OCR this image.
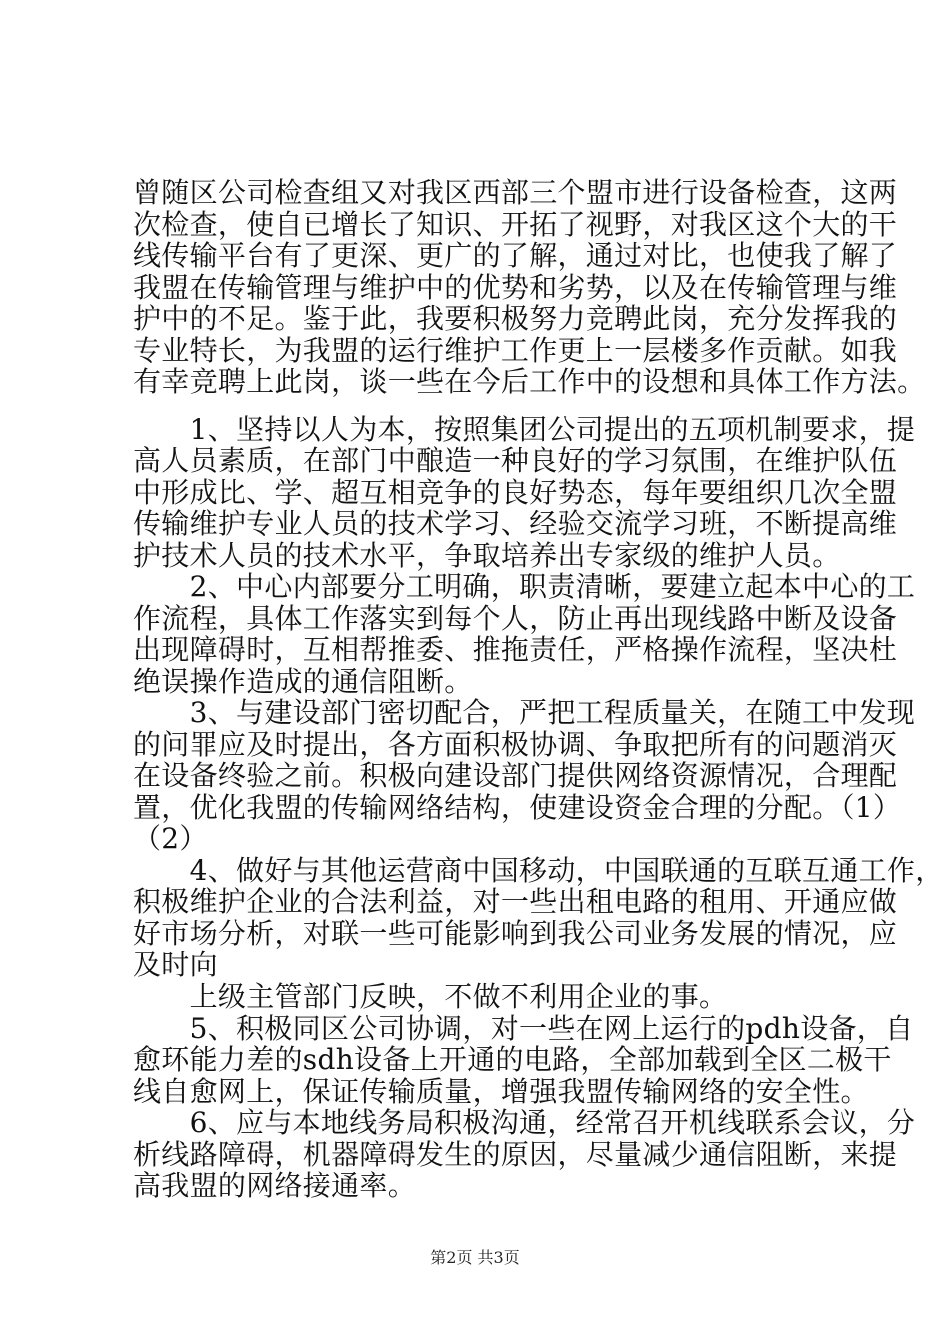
曾随区公司检查组又对我区西部三个盟市进行设备检查，这两
次检查，使自已增长了知识、开拓了视野，对我区这个大的干
线传输平台有了更深、更广的了解，通过对比，也使我了解了
我盟在传输管理与维护中的优势和劣势，以及在传输管理与维
护中的不足。鉴于此，我要积极努力竞聘此岗，充分发挥我的
专业特长，为我盟的运行维护工作更上一层楼多作贡献。如我
有幸竞聘上此岗，谈一些在今后工作中的设想和具体工作方法。
　　1、坚持以人为本，按照集团公司提出的五项机制要求，提
高人员素质，在部门中酿造一种良好的学习氛围，在维护队伍
中形成比、学、超互相竞争的良好势态，每年要组织几次全盟
传输维护专业人员的技术学习、经验交流学习班，不断提高维
护技术人员的技术水平，争取培养出专家级的维护人员。
　　2、中心内部要分工明确，职责清晰，要建立起本中心的工
作流程，具体工作落实到每个人，防止再出现线路中断及设备
出现障碍时，互相帮推委、推拖责任，严格操作流程，坚决杜
绝误操作造成的通信阻断。
　　3、与建设部门密切配合，严把工程质量关，在随工中发现
的问罪应及时提出，各方面积极协调、争取把所有的问题消灭
在设备终验之前。积极向建设部门提供网络资源情况，合理配
置，优化我盟的传输网络结构，使建设资金合理的分配。（1）
（2）
　　4、做好与其他运营商中国移动，中国联通的互联互通工作，
积极维护企业的合法利益，对一些出租电路的租用、开通应做
好市场分析，对联一些可能影响到我公司业务发展的情况，应
及时向
　　上级主管部门反映，不做不利用企业的事。
　　5、积极同区公司协调，对一些在网上运行的pdh设备，自
愈环能力差的sdh设备上开通的电路，全部加载到全区二极干
线自愈网上，保证传输质量，增强我盟传输网络的安全性。
　　6、应与本地线务局积极沟通，经常召开机线联系会议，分
析线路障碍，机器障碍发生的原因，尽量减少通信阻断，来提
高我盟的网络接通率。
第2页 共3页
